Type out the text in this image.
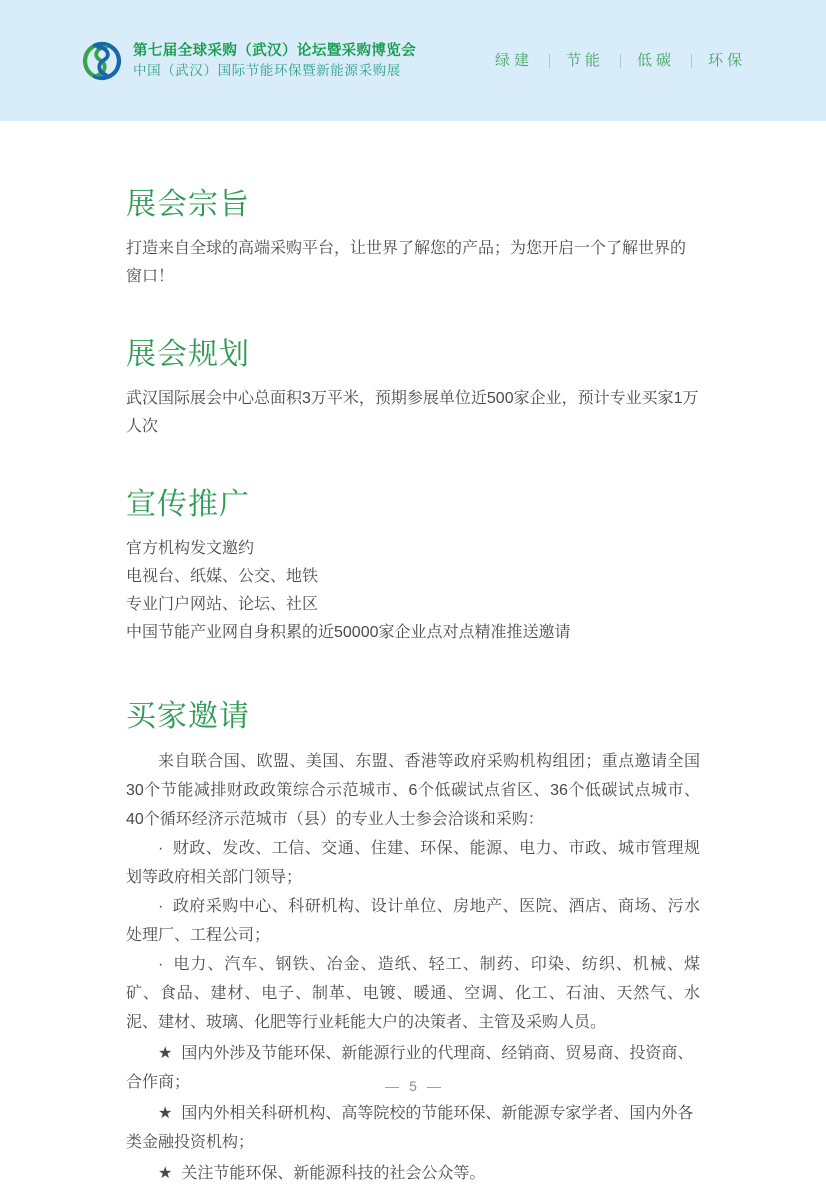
第七届全球采购（武汉）论坛暨采购博览会
中国（武汉）国际节能环保暨新能源采购展
绿建 节能 低碳 环保
展会宗旨

打造来自全球的高端采购平台，让世界了解您的产品；为您开启一个了解世界的窗口！

展会规划

武汉国际展会中心总面积3万平米，预期参展单位近500家企业，预计专业买家1万人次

宣传推广

官方机构发文邀约

电视台、纸媒、公交、地铁

专业门户网站、论坛、社区

中国节能产业网自身积累的近50000家企业点对点精准推送邀请

买家邀请

来自联合国、欧盟、美国、东盟、香港等政府采购机构组团；重点邀请全国30个节能减排财政政策综合示范城市、6个低碳试点省区、36个低碳试点城市、40个循环经济示范城市（县）的专业人士参会洽谈和采购：

· 财政、发改、工信、交通、住建、环保、能源、电力、市政、城市管理规划等政府相关部门领导；

· 政府采购中心、科研机构、设计单位、房地产、医院、酒店、商场、污水处理厂、工程公司；

· 电力、汽车、钢铁、冶金、造纸、轻工、制药、印染、纺织、机械、煤矿、食品、建材、电子、制革、电镀、暖通、空调、化工、石油、天然气、水泥、建材、玻璃、化肥等行业耗能大户的决策者、主管及采购人员。

★ 国内外涉及节能环保、新能源行业的代理商、经销商、贸易商、投资商、合作商；

★ 国内外相关科研机构、高等院校的节能环保、新能源专家学者、国内外各类金融投资机构；

★ 关注节能环保、新能源科技的社会公众等。

— 5 —
